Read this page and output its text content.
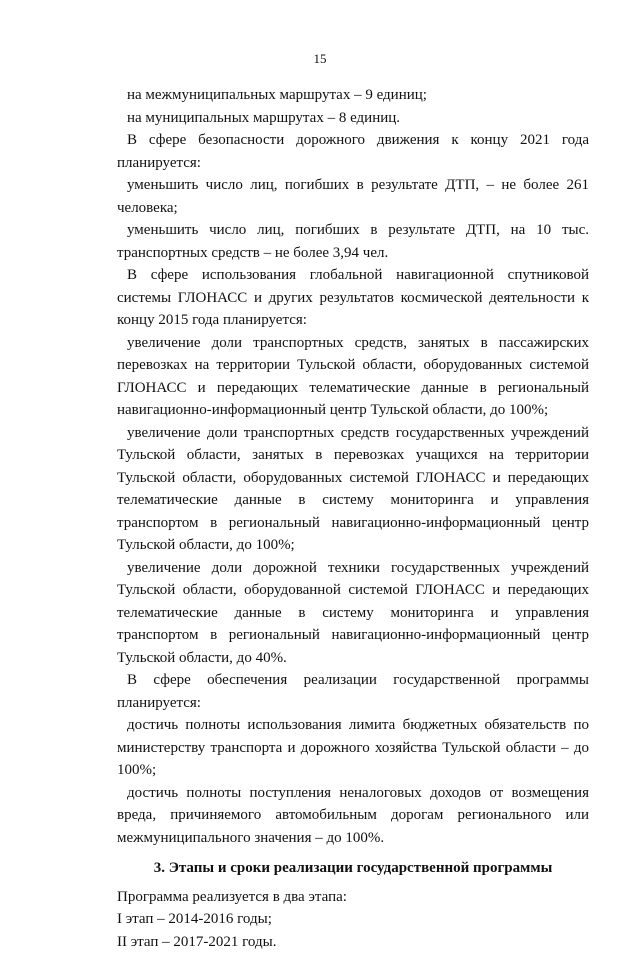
15

на межмуниципальных маршрутах – 9 единиц;

на муниципальных маршрутах – 8 единиц.

В сфере безопасности дорожного движения к концу 2021 года планируется:

уменьшить число лиц, погибших в результате ДТП, – не более 261 человека;

уменьшить число лиц, погибших в результате ДТП, на 10 тыс. транспортных средств – не более 3,94 чел.

В сфере использования глобальной навигационной спутниковой системы ГЛОНАСС и других результатов космической деятельности к концу 2015 года планируется:

увеличение доли транспортных средств, занятых в пассажирских перевозках на территории Тульской области, оборудованных системой ГЛОНАСС и передающих телематические данные в региональный навигационно-информационный центр Тульской области, до 100%;

увеличение доли транспортных средств государственных учреждений Тульской области, занятых в перевозках учащихся на территории Тульской области, оборудованных системой ГЛОНАСС и передающих телематические данные в систему мониторинга и управления транспортом в региональный навигационно-информационный центр Тульской области, до 100%;

увеличение доли дорожной техники государственных учреждений Тульской области, оборудованной системой ГЛОНАСС и передающих телематические данные в систему мониторинга и управления транспортом в региональный навигационно-информационный центр Тульской области, до 40%.

В сфере обеспечения реализации государственной программы планируется:

достичь полноты использования лимита бюджетных обязательств по министерству транспорта и дорожного хозяйства Тульской области – до 100%;

достичь полноты поступления неналоговых доходов от возмещения вреда, причиняемого автомобильным дорогам регионального или межмуниципального значения – до 100%.

3. Этапы и сроки реализации государственной программы

Программа реализуется в два этапа:

I этап – 2014-2016 годы;

II этап – 2017-2021 годы.
